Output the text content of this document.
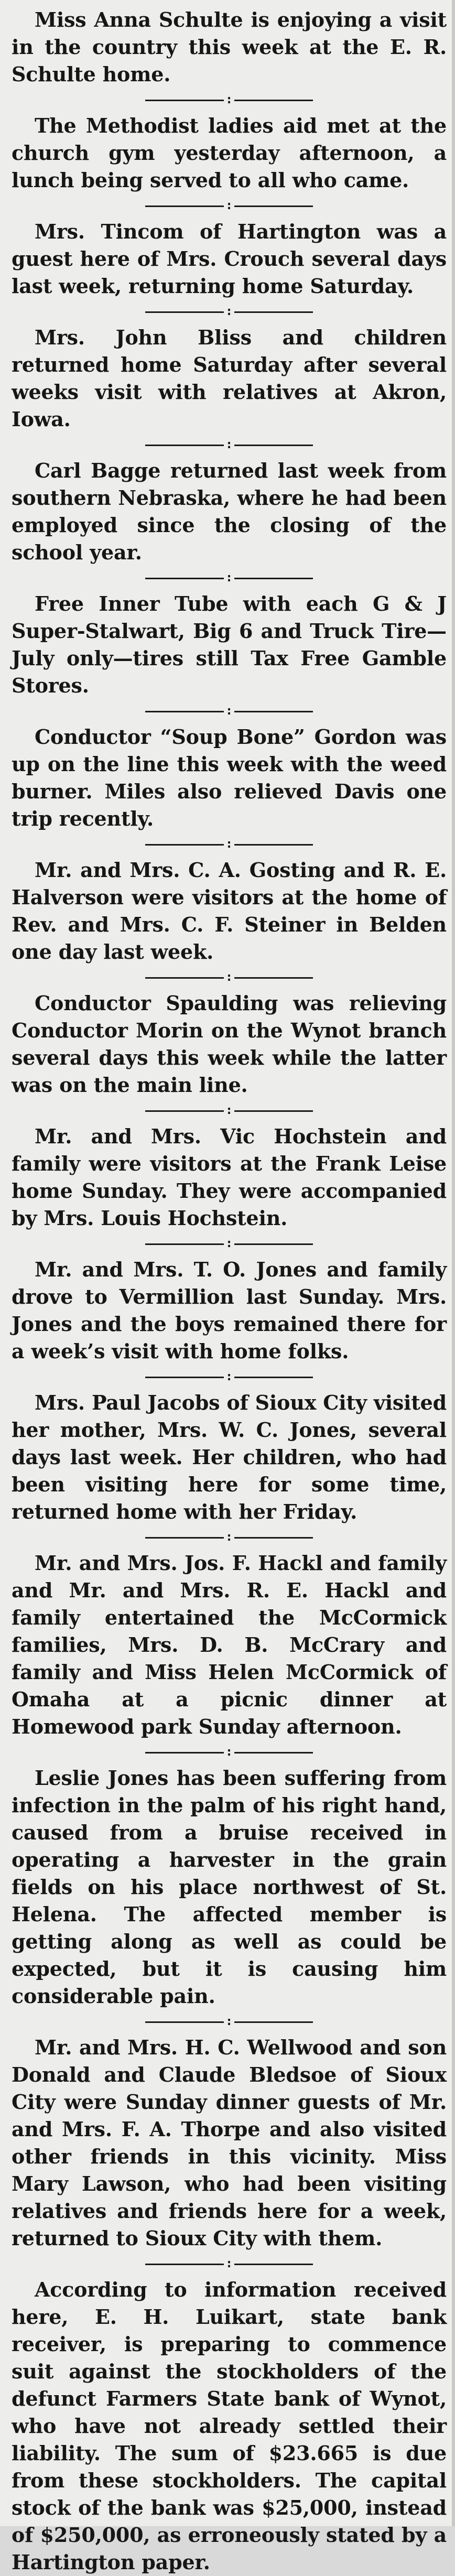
Miss Anna Schulte is enjoying a visit in the country this week at the E. R. Schulte home.

:

The Methodist ladies aid met at the church gym yesterday afternoon, a lunch being served to all who came.

:

Mrs. Tincom of Hartington was a guest here of Mrs. Crouch several days last week, returning home Saturday.

:

Mrs. John Bliss and children returned home Saturday after several weeks visit with relatives at Akron, Iowa.

:

Carl Bagge returned last week from southern Nebraska, where he had been employed since the closing of the school year.

:

Free Inner Tube with each G & J Super-Stalwart, Big 6 and Truck Tire—July only—tires still Tax Free Gamble Stores.

:

Conductor “Soup Bone” Gordon was up on the line this week with the weed burner. Miles also relieved Davis one trip recently.

:

Mr. and Mrs. C. A. Gosting and R. E. Halverson were visitors at the home of Rev. and Mrs. C. F. Steiner in Belden one day last week.

:

Conductor Spaulding was relieving Conductor Morin on the Wynot branch several days this week while the latter was on the main line.

:

Mr. and Mrs. Vic Hochstein and family were visitors at the Frank Leise home Sunday. They were accompanied by Mrs. Louis Hochstein.

:

Mr. and Mrs. T. O. Jones and family drove to Vermillion last Sunday. Mrs. Jones and the boys remained there for a week’s visit with home folks.

:

Mrs. Paul Jacobs of Sioux City visited her mother, Mrs. W. C. Jones, several days last week. Her children, who had been visiting here for some time, returned home with her Friday.

:

Mr. and Mrs. Jos. F. Hackl and family and Mr. and Mrs. R. E. Hackl and family entertained the McCormick families, Mrs. D. B. McCrary and family and Miss Helen McCormick of Omaha at a picnic dinner at Homewood park Sunday afternoon.

:

Leslie Jones has been suffering from infection in the palm of his right hand, caused from a bruise received in operating a harvester in the grain fields on his place northwest of St. Helena. The affected member is getting along as well as could be expected, but it is causing him considerable pain.

:

Mr. and Mrs. H. C. Wellwood and son Donald and Claude Bledsoe of Sioux City were Sunday dinner guests of Mr. and Mrs. F. A. Thorpe and also visited other friends in this vicinity. Miss Mary Lawson, who had been visiting relatives and friends here for a week, returned to Sioux City with them.

:

According to information received here, E. H. Luikart, state bank receiver, is preparing to commence suit against the stockholders of the defunct Farmers State bank of Wynot, who have not already settled their liability. The sum of $23.665 is due from these stockholders. The capital stock of the bank was $25,000, instead of $250,000, as erroneously stated by a Hartington paper.
